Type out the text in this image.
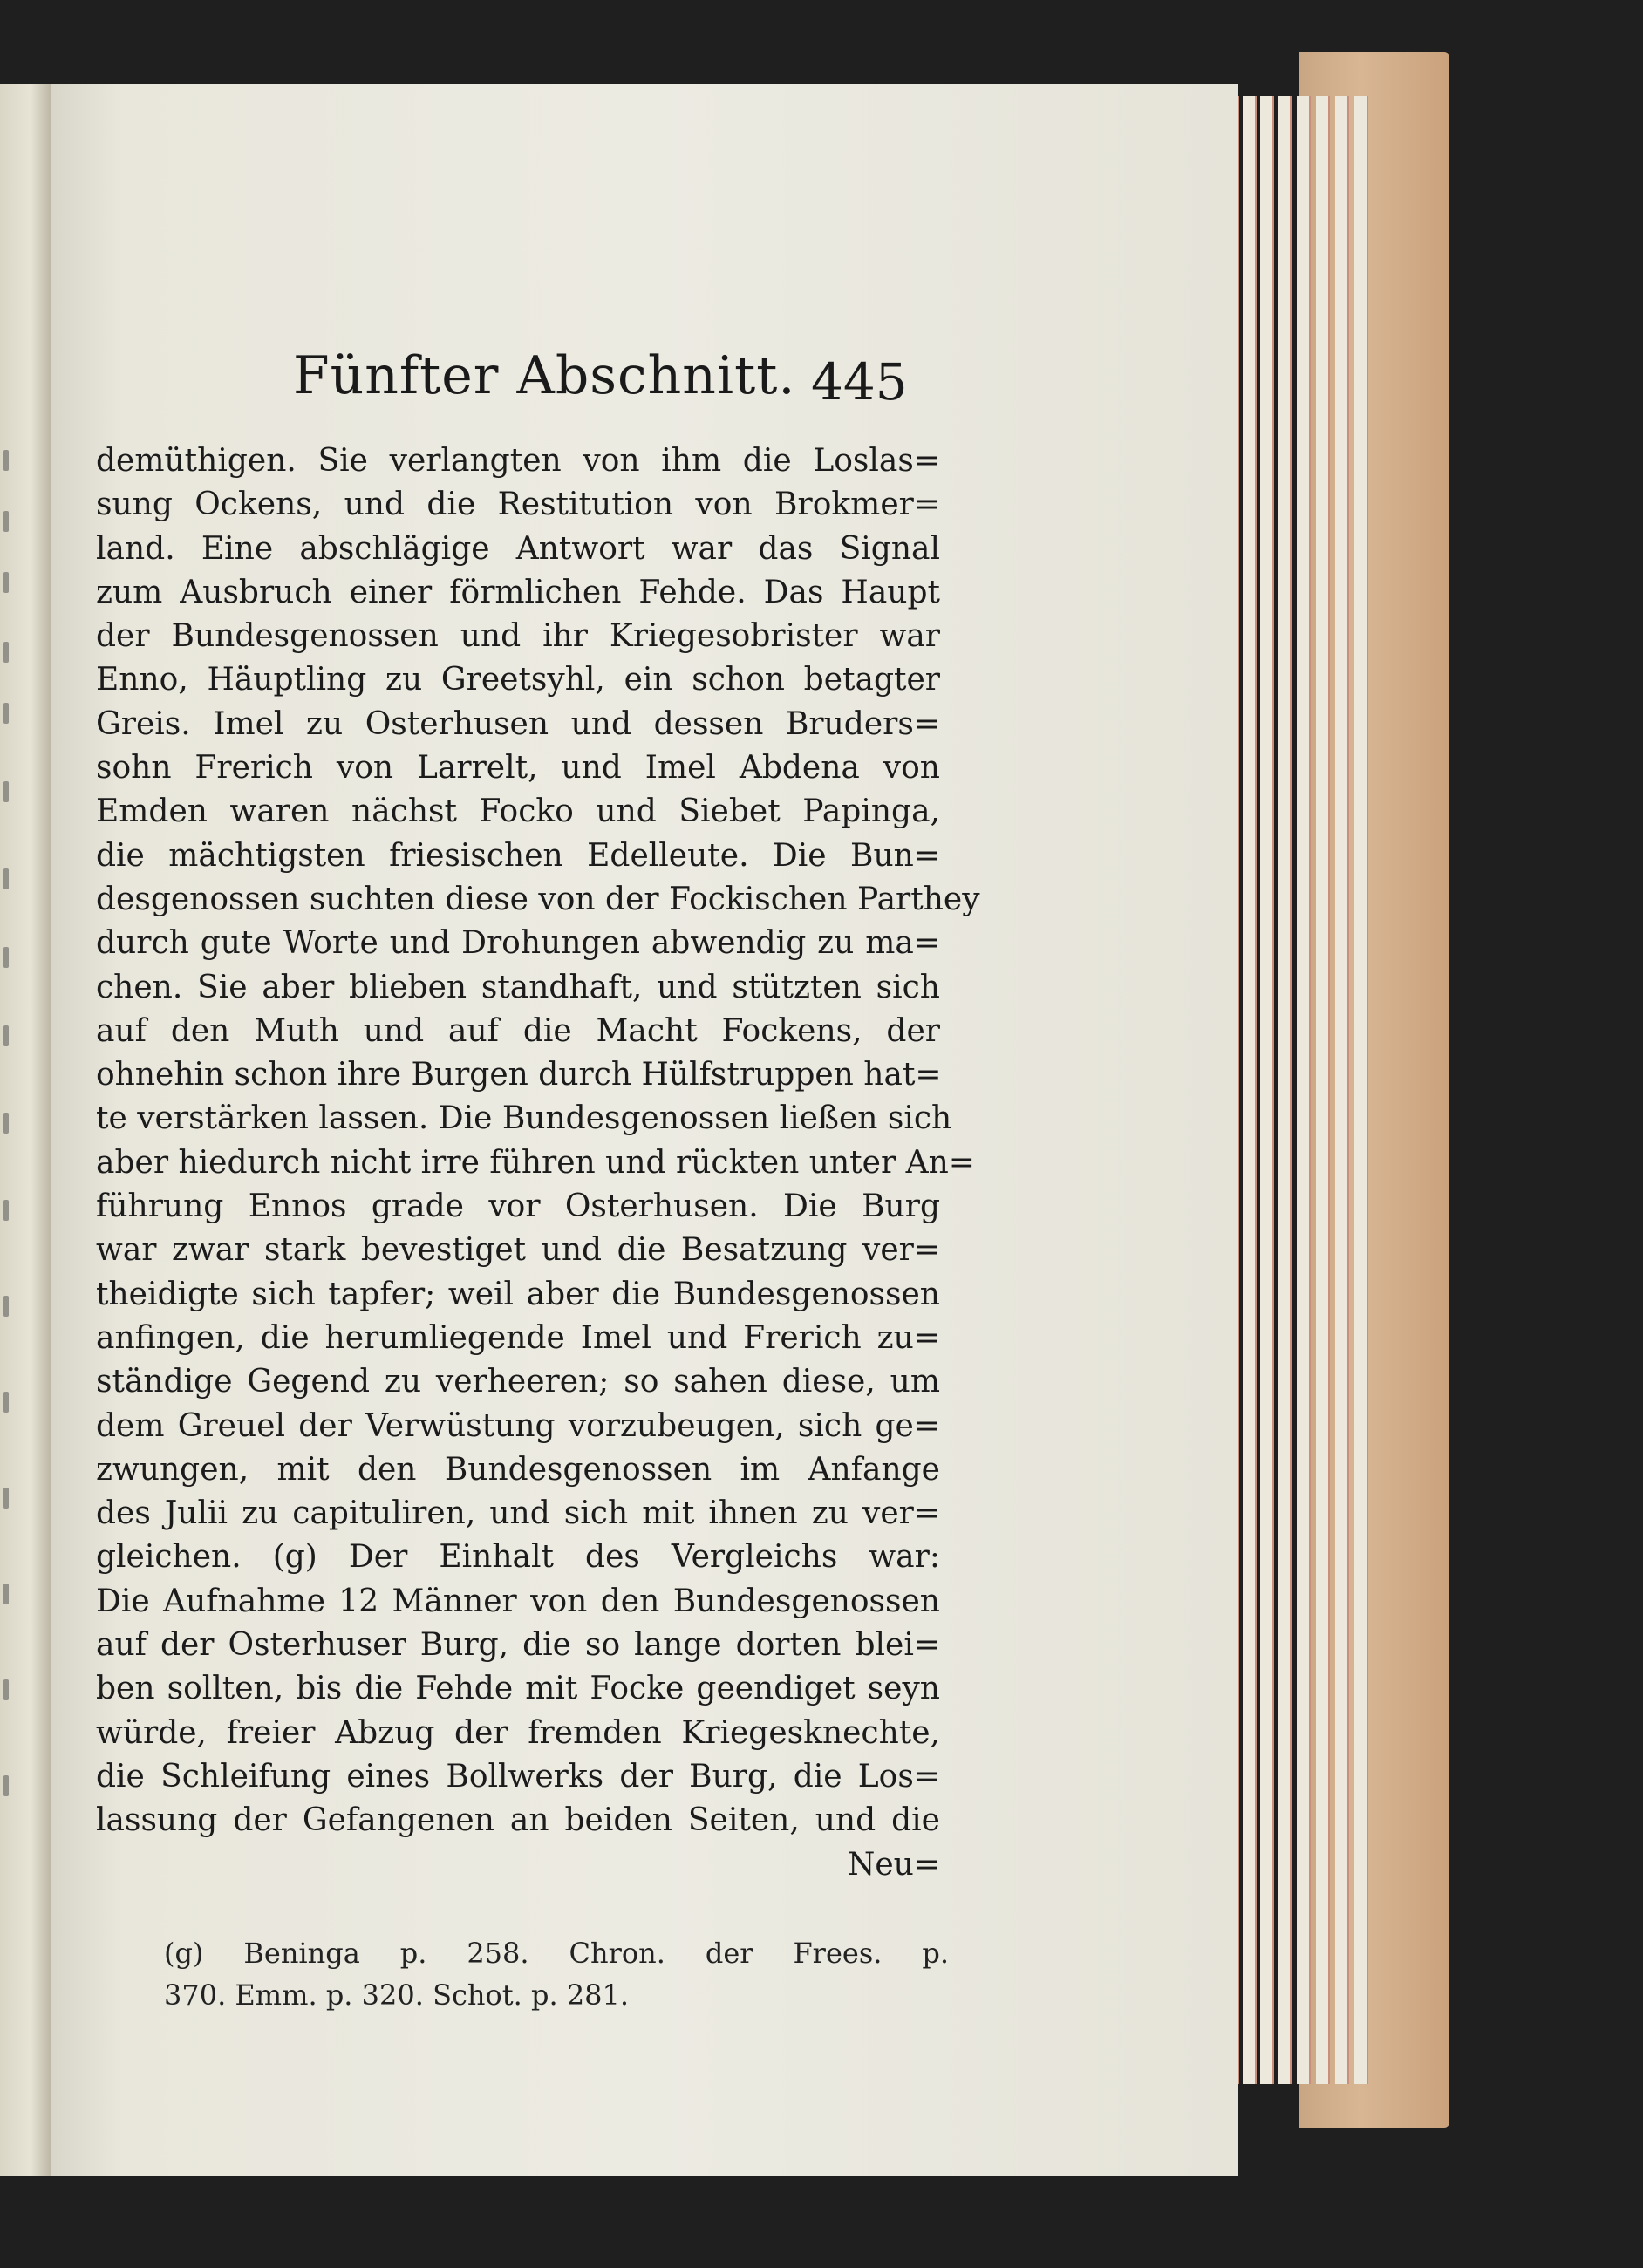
Fünfter Abschnitt. 445
demüthigen. Sie verlangten von ihm die Loslas=
sung Ockens, und die Restitution von Brokmer=
land. Eine abschlägige Antwort war das Signal
zum Ausbruch einer förmlichen Fehde. Das Haupt
der Bundesgenossen und ihr Kriegesobrister war
Enno, Häuptling zu Greetsyhl, ein schon betagter
Greis. Imel zu Osterhusen und dessen Bruders=
sohn Frerich von Larrelt, und Imel Abdena von
Emden waren nächst Focko und Siebet Papinga,
die mächtigsten friesischen Edelleute. Die Bun=
desgenossen suchten diese von der Fockischen Parthey
durch gute Worte und Drohungen abwendig zu ma=
chen. Sie aber blieben standhaft, und stützten sich
auf den Muth und auf die Macht Fockens, der
ohnehin schon ihre Burgen durch Hülfstruppen hat=
te verstärken lassen. Die Bundesgenossen ließen sich
aber hiedurch nicht irre führen und rückten unter An=
führung Ennos grade vor Osterhusen. Die Burg
war zwar stark bevestiget und die Besatzung ver=
theidigte sich tapfer; weil aber die Bundesgenossen
anfingen, die herumliegende Imel und Frerich zu=
ständige Gegend zu verheeren; so sahen diese, um
dem Greuel der Verwüstung vorzubeugen, sich ge=
zwungen, mit den Bundesgenossen im Anfange
des Julii zu capituliren, und sich mit ihnen zu ver=
gleichen. (g) Der Einhalt des Vergleichs war:
Die Aufnahme 12 Männer von den Bundesgenossen
auf der Osterhuser Burg, die so lange dorten blei=
ben sollten, bis die Fehde mit Focke geendiget seyn
würde, freier Abzug der fremden Kriegesknechte,
die Schleifung eines Bollwerks der Burg, die Los=
lassung der Gefangenen an beiden Seiten, und die
Neu=
(g) Beninga p. 258. Chron. der Frees. p.
370. Emm. p. 320. Schot. p. 281.
